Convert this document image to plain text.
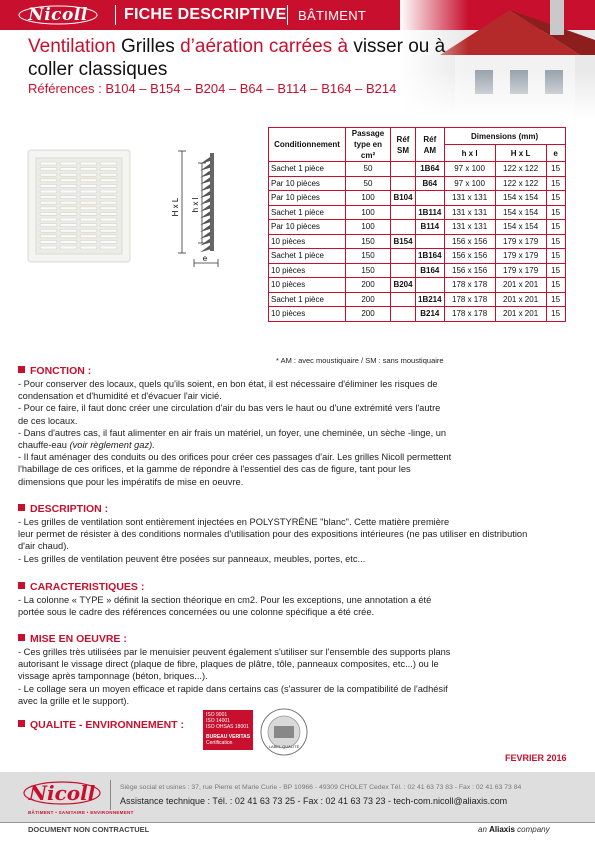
Nicoll	FICHE DESCRIPTIVE BÂTIMENT
Ventilation Grilles d’aération carrées à visser ou à coller classiques
Références : B104 – B154 – B204 – B64 – B114 – B164 – B214
H x L h x l
e
Conditionnement	Passage type en cm²	Réf SM	Réf AM	Dimensions (mm)		
				h x l	H x L	e
Sachet 1 pièce	50		1B64	97 x 100	122 x 122	15
Par 10 pièces	50		B64	97 x 100	122 x 122	15
Par 10 pièces	100	B104		131 x 131	154 x 154	15
Sachet 1 pièce	100		1B114	131 x 131	154 x 154	15
Par 10 pièces	100		B114	131 x 131	154 x 154	15
10 pièces	150	B154		156 x 156	179 x 179	15
Sachet 1 pièce	150		1B164	156 x 156	179 x 179	15
10 pièces	150		B164	156 x 156	179 x 179	15
10 pièces	200	B204		178 x 178	201 x 201	15
Sachet 1 pièce	200		1B214	178 x 178	201 x 201	15
10 pièces	200		B214	178 x 178	201 x 201	15
* AM : avec moustiquaire / SM : sans moustiquaire
FONCTION :

- Pour conserver des locaux, quels qu'ils soient, en bon état, il est nécessaire d'éliminer les risques de

condensation et d'humidité et d'évacuer l'air vicié.

- Pour ce faire, il faut donc créer une circulation d'air du bas vers le haut ou d'une extrémité vers l'autre

de ces locaux.

- Dans d'autres cas, il faut alimenter en air frais un matériel, un foyer, une cheminée, un sèche -linge, un

chauffe-eau (voir règlement gaz).

- Il faut aménager des conduits ou des orifices pour créer ces passages d'air. Les grilles Nicoll permettent

l'habillage de ces orifices, et la gamme de répondre à l'essentiel des cas de figure, tant pour les

dimensions que pour les impératifs de mise en oeuvre.

DESCRIPTION :

- Les grilles de ventilation sont entièrement injectées en POLYSTYRÈNE "blanc". Cette matière première

leur permet de résister à des conditions normales d'utilisation pour des expositions intérieures (ne pas utiliser en distribution

d'air chaud).

- Les grilles de ventilation peuvent être posées sur panneaux, meubles, portes, etc...

CARACTERISTIQUES :

- La colonne « TYPE » définit la section théorique en cm2. Pour les exceptions, une annotation a été

portée sous le cadre des références concernées ou une colonne spécifique a été crée.

MISE EN OEUVRE :

- Ces grilles très utilisées par le menuisier peuvent également s'utiliser sur l'ensemble des supports plans

autorisant le vissage direct (plaque de fibre, plaques de plâtre, tôle, panneaux composites, etc...) ou le

vissage après tamponnage (béton, briques...).

- Le collage sera un moyen efficace et rapide dans certains cas (s'assurer de la compatibilité de l'adhésif

avec la grille et le support).

QUALITE - ENVIRONNEMENT :
ISO 9001
ISO 14001
ISO OHSAS 18001
BUREAU VERITAS
Certification
LABEL QUALITÉ
FEVRIER 2016
Nicoll
BÂTIMENT • SANITAIRE • ENVIRONNEMENT
Siège social et usines : 37, rue Pierre et Marie Curie - BP 10966 - 49309 CHOLET Cedex Tél. : 02 41 63 73 83 - Fax : 02 41 63 73 84
Assistance technique : Tél. : 02 41 63 73 25 - Fax : 02 41 63 73 23 - tech-com.nicoll@aliaxis.com
DOCUMENT NON CONTRACTUEL	an Aliaxis company
